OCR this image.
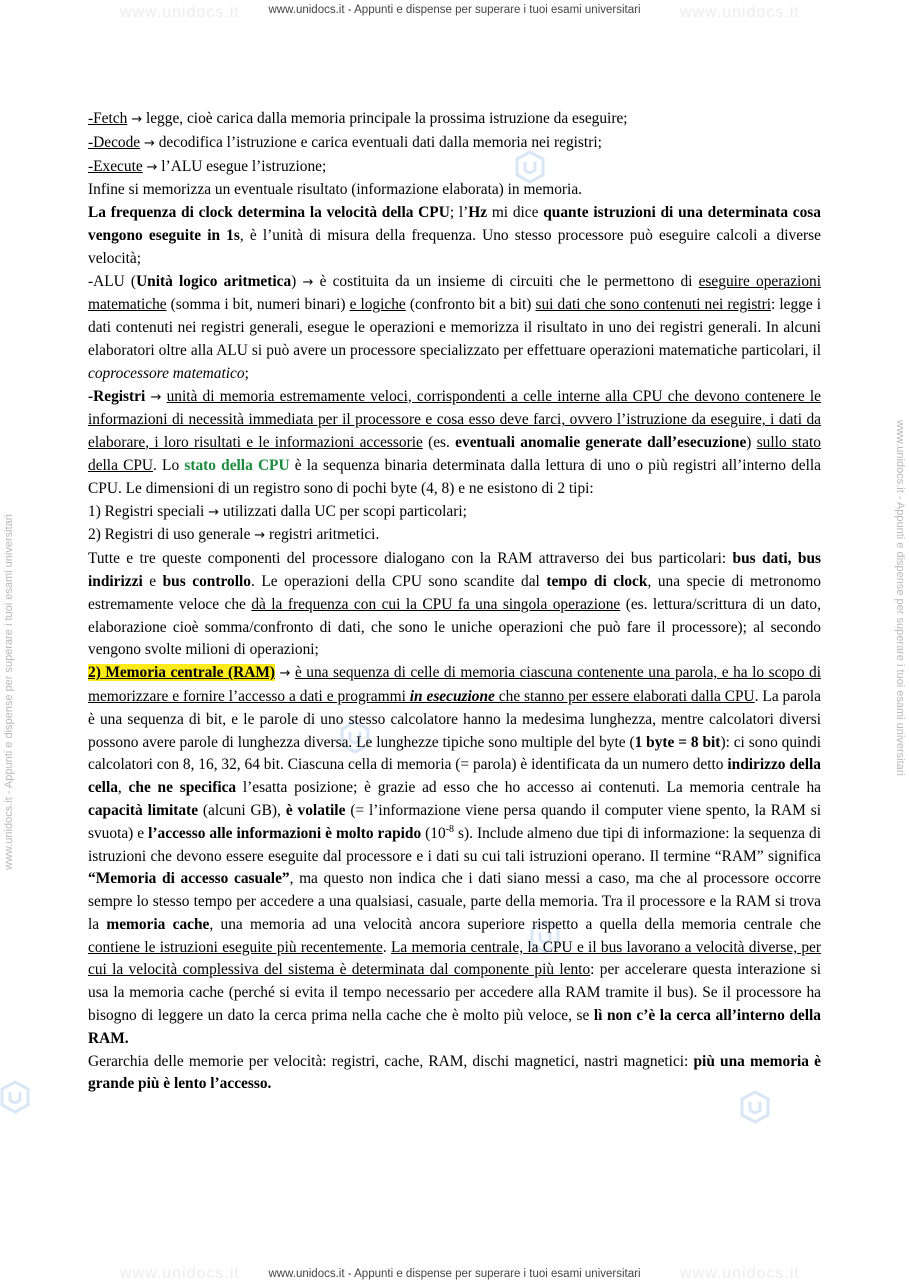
www.unidocs.it - Appunti e dispense per superare i tuoi esami universitari
www.unidocs.it - Appunti e dispense per superare i tuoi esami universitari
www.unidocs.it - Appunti e dispense per superare i tuoi esami universitari	www.unidocs.it - Appunti e dispense per superare i tuoi esami universitari
www.unidocs.it	www.unidocs.it
www.unidocs.it	www.unidocs.it

-Fetch → legge, cioè carica dalla memoria principale la prossima istruzione da eseguire;

-Decode → decodifica l’istruzione e carica eventuali dati dalla memoria nei registri;

-Execute → l’ALU esegue l’istruzione;

Infine si memorizza un eventuale risultato (informazione elaborata) in memoria.

La frequenza di clock determina la velocità della CPU; l’Hz mi dice quante istruzioni di una determinata cosa vengono eseguite in 1s, è l’unità di misura della frequenza. Uno stesso processore può eseguire calcoli a diverse velocità;

-ALU (Unità logico aritmetica) → è costituita da un insieme di circuiti che le permettono di eseguire operazioni matematiche (somma i bit, numeri binari) e logiche (confronto bit a bit) sui dati che sono contenuti nei registri: legge i dati contenuti nei registri generali, esegue le operazioni e memorizza il risultato in uno dei registri generali. In alcuni elaboratori oltre alla ALU si può avere un processore specializzato per effettuare operazioni matematiche particolari, il coprocessore matematico;

-Registri → unità di memoria estremamente veloci, corrispondenti a celle interne alla CPU che devono contenere le informazioni di necessità immediata per il processore e cosa esso deve farci, ovvero l’istruzione da eseguire, i dati da elaborare, i loro risultati e le informazioni accessorie (es. eventuali anomalie generate dall’esecuzione) sullo stato della CPU. Lo stato della CPU è la sequenza binaria determinata dalla lettura di uno o più registri all’interno della CPU. Le dimensioni di un registro sono di pochi byte (4, 8) e ne esistono di 2 tipi:

1) Registri speciali → utilizzati dalla UC per scopi particolari;

2) Registri di uso generale → registri aritmetici.

Tutte e tre queste componenti del processore dialogano con la RAM attraverso dei bus particolari: bus dati, bus indirizzi e bus controllo. Le operazioni della CPU sono scandite dal tempo di clock, una specie di metronomo estremamente veloce che dà la frequenza con cui la CPU fa una singola operazione (es. lettura/scrittura di un dato, elaborazione cioè somma/confronto di dati, che sono le uniche operazioni che può fare il processore); al secondo vengono svolte milioni di operazioni;

2) Memoria centrale (RAM) → è una sequenza di celle di memoria ciascuna contenente una parola, e ha lo scopo di memorizzare e fornire l’accesso a dati e programmi in esecuzione che stanno per essere elaborati dalla CPU. La parola è una sequenza di bit, e le parole di uno stesso calcolatore hanno la medesima lunghezza, mentre calcolatori diversi possono avere parole di lunghezza diversa. Le lunghezze tipiche sono multiple del byte (1 byte = 8 bit): ci sono quindi calcolatori con 8, 16, 32, 64 bit. Ciascuna cella di memoria (= parola) è identificata da un numero detto indirizzo della cella, che ne specifica l’esatta posizione; è grazie ad esso che ho accesso ai contenuti. La memoria centrale ha capacità limitate (alcuni GB), è volatile (= l’informazione viene persa quando il computer viene spento, la RAM si svuota) e l’accesso alle informazioni è molto rapido ($10^{-8}$ s). Include almeno due tipi di informazione: la sequenza di istruzioni che devono essere eseguite dal processore e i dati su cui tali istruzioni operano. Il termine “RAM” significa “Memoria di accesso casuale”, ma questo non indica che i dati siano messi a caso, ma che al processore occorre sempre lo stesso tempo per accedere a una qualsiasi, casuale, parte della memoria. Tra il processore e la RAM si trova la memoria cache, una memoria ad una velocità ancora superiore rispetto a quella della memoria centrale che contiene le istruzioni eseguite più recentemente. La memoria centrale, la CPU e il bus lavorano a velocità diverse, per cui la velocità complessiva del sistema è determinata dal componente più lento: per accelerare questa interazione si usa la memoria cache (perché si evita il tempo necessario per accedere alla RAM tramite il bus). Se il processore ha bisogno di leggere un dato la cerca prima nella cache che è molto più veloce, se lì non c’è la cerca all’interno della RAM.

Gerarchia delle memorie per velocità: registri, cache, RAM, dischi magnetici, nastri magnetici: più una memoria è grande più è lento l’accesso.
